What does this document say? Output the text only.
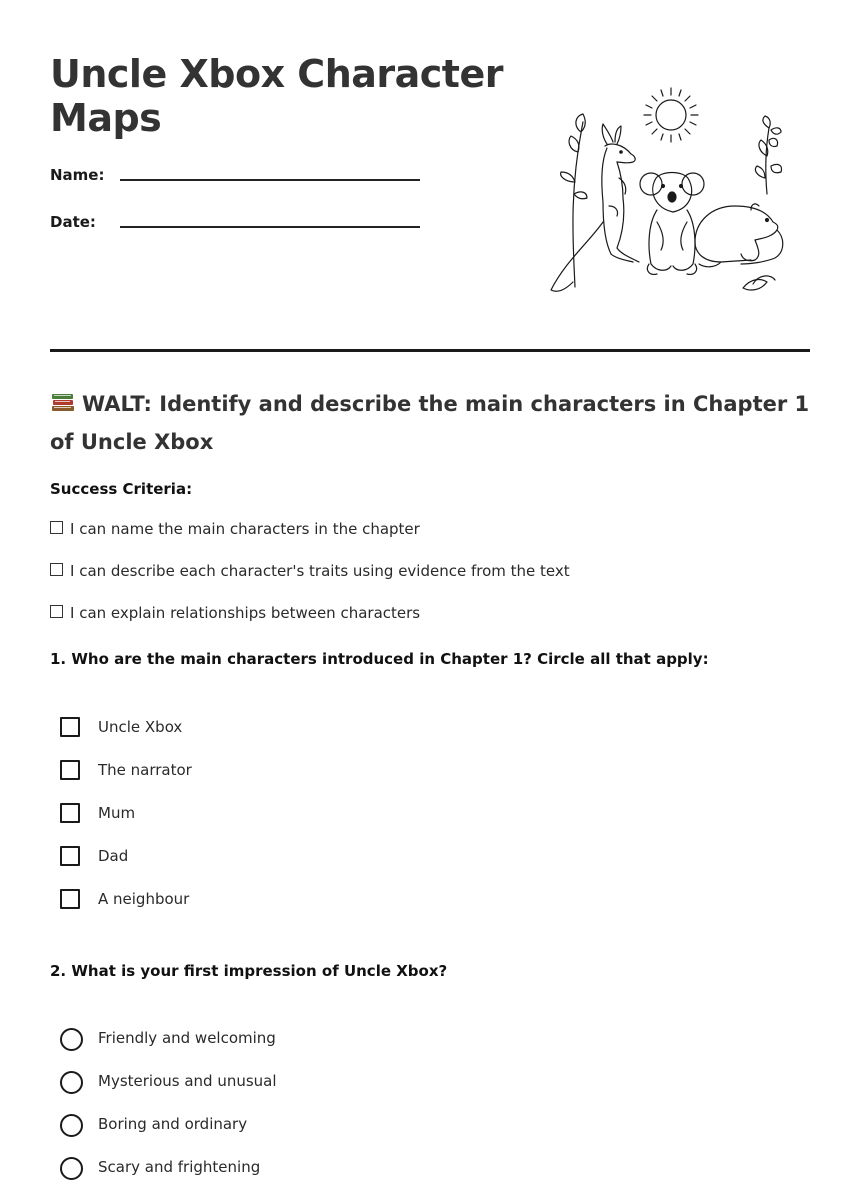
Uncle Xbox Character Maps
Name:
Date:
WALT: Identify and describe the main characters in Chapter 1 of Uncle Xbox
Success Criteria:
I can name the main characters in the chapter
I can describe each character's traits using evidence from the text
I can explain relationships between characters

1. Who are the main characters introduced in Chapter 1? Circle all that apply:

Uncle Xbox
The narrator
Mum
Dad
A neighbour

2. What is your first impression of Uncle Xbox?

Friendly and welcoming
Mysterious and unusual
Boring and ordinary
Scary and frightening
